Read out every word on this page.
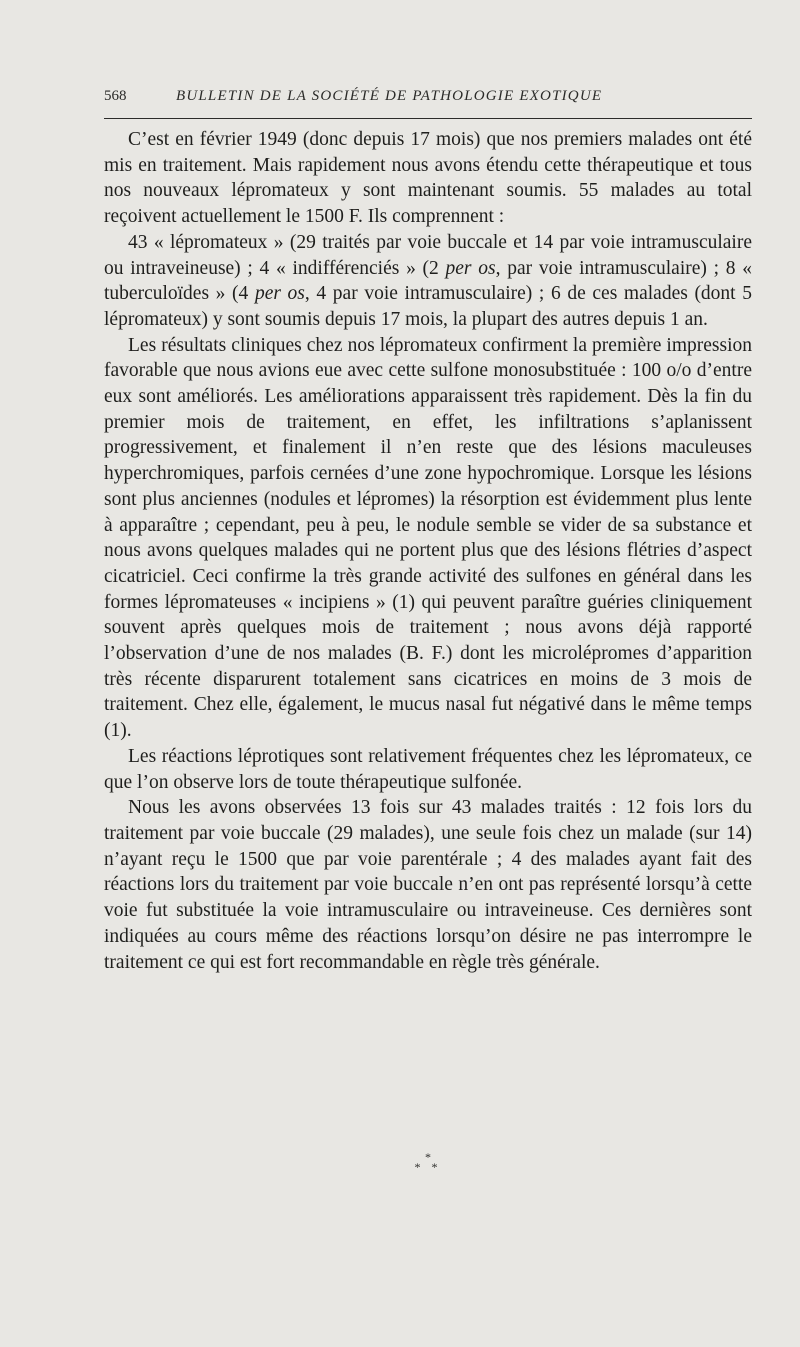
568	BULLETIN DE LA SOCIÉTÉ DE PATHOLOGIE EXOTIQUE

C’est en février 1949 (donc depuis 17 mois) que nos premiers malades ont été mis en traitement. Mais rapidement nous avons étendu cette thérapeutique et tous nos nouveaux lépromateux y sont maintenant soumis. 55 malades au total reçoivent actuellement le 1500 F. Ils comprennent :

43 « lépromateux » (29 traités par voie buccale et 14 par voie intramusculaire ou intraveineuse) ; 4 « indifférenciés » (2 per os, par voie intramusculaire) ; 8 « tuberculoïdes » (4 per os, 4 par voie intramusculaire) ; 6 de ces malades (dont 5 lépromateux) y sont soumis depuis 17 mois, la plupart des autres depuis 1 an.

Les résultats cliniques chez nos lépromateux confirment la première impression favorable que nous avions eue avec cette sulfone monosubstituée : 100 o/o d’entre eux sont améliorés. Les améliorations apparaissent très rapidement. Dès la fin du premier mois de traitement, en effet, les infiltrations s’aplanissent progressivement, et finalement il n’en reste que des lésions maculeuses hyperchromiques, parfois cernées d’une zone hypochromique. Lorsque les lésions sont plus anciennes (nodules et lépromes) la résorption est évidemment plus lente à apparaître ; cependant, peu à peu, le nodule semble se vider de sa substance et nous avons quelques malades qui ne portent plus que des lésions flétries d’aspect cicatriciel. Ceci confirme la très grande activité des sulfones en général dans les formes lépromateuses « incipiens » (1) qui peuvent paraître guéries cliniquement souvent après quelques mois de traitement ; nous avons déjà rapporté l’observation d’une de nos malades (B. F.) dont les microlépromes d’apparition très récente disparurent totalement sans cicatrices en moins de 3 mois de traitement. Chez elle, également, le mucus nasal fut négativé dans le même temps (1).

Les réactions léprotiques sont relativement fréquentes chez les lépromateux, ce que l’on observe lors de toute thérapeutique sulfonée.

Nous les avons observées 13 fois sur 43 malades traités : 12 fois lors du traitement par voie buccale (29 malades), une seule fois chez un malade (sur 14) n’ayant reçu le 1500 que par voie parentérale ; 4 des malades ayant fait des réactions lors du traitement par voie buccale n’en ont pas représenté lorsqu’à cette voie fut substituée la voie intramusculaire ou intraveineuse. Ces dernières sont indiquées au cours même des réactions lorsqu’on désire ne pas interrompre le traitement ce qui est fort recommandable en règle très générale.

*
* *
